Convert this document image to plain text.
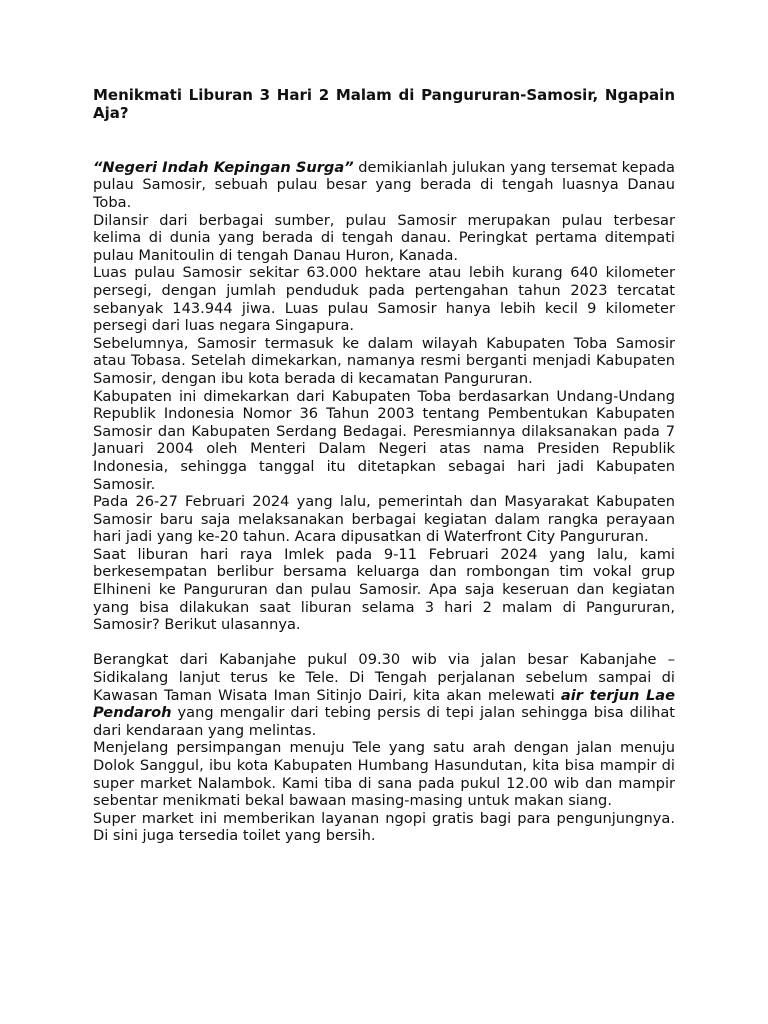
Menikmati Liburan 3 Hari 2 Malam di Pangururan-Samosir, Ngapain Aja?

“Negeri Indah Kepingan Surga” demikianlah julukan yang tersemat kepada pulau Samosir, sebuah pulau besar yang berada di tengah luasnya Danau Toba.

Dilansir dari berbagai sumber, pulau Samosir merupakan pulau terbesar kelima di dunia yang berada di tengah danau. Peringkat pertama ditempati pulau Manitoulin di tengah Danau Huron, Kanada.

Luas pulau Samosir sekitar 63.000 hektare atau lebih kurang 640 kilometer persegi, dengan jumlah penduduk pada pertengahan tahun 2023 tercatat sebanyak 143.944 jiwa. Luas pulau Samosir hanya lebih kecil 9 kilometer persegi dari luas negara Singapura.

Sebelumnya, Samosir termasuk ke dalam wilayah Kabupaten Toba Samosir atau Tobasa. Setelah dimekarkan, namanya resmi berganti menjadi Kabupaten Samosir, dengan ibu kota berada di kecamatan Pangururan.

Kabupaten ini dimekarkan dari Kabupaten Toba berdasarkan Undang-Undang Republik Indonesia Nomor 36 Tahun 2003 tentang Pembentukan Kabupaten Samosir dan Kabupaten Serdang Bedagai. Peresmiannya dilaksanakan pada 7 Januari 2004 oleh Menteri Dalam Negeri atas nama Presiden Republik Indonesia, sehingga tanggal itu ditetapkan sebagai hari jadi Kabupaten Samosir.

Pada 26-27 Februari 2024 yang lalu, pemerintah dan Masyarakat Kabupaten Samosir baru saja melaksanakan berbagai kegiatan dalam rangka perayaan hari jadi yang ke-20 tahun. Acara dipusatkan di Waterfront City Pangururan.

Saat liburan hari raya Imlek pada 9-11 Februari 2024 yang lalu, kami berkesempatan berlibur bersama keluarga dan rombongan tim vokal grup Elhineni ke Pangururan dan pulau Samosir. Apa saja keseruan dan kegiatan yang bisa dilakukan saat liburan selama 3 hari 2 malam di Pangururan, Samosir? Berikut ulasannya.

Berangkat dari Kabanjahe pukul 09.30 wib via jalan besar Kabanjahe – Sidikalang lanjut terus ke Tele. Di Tengah perjalanan sebelum sampai di Kawasan Taman Wisata Iman Sitinjo Dairi, kita akan melewati air terjun Lae Pendaroh yang mengalir dari tebing persis di tepi jalan sehingga bisa dilihat dari kendaraan yang melintas.

Menjelang persimpangan menuju Tele yang satu arah dengan jalan menuju Dolok Sanggul, ibu kota Kabupaten Humbang Hasundutan, kita bisa mampir di super market Nalambok. Kami tiba di sana pada pukul 12.00 wib dan mampir sebentar menikmati bekal bawaan masing-masing untuk makan siang.

Super market ini memberikan layanan ngopi gratis bagi para pengunjungnya. Di sini juga tersedia toilet yang bersih.
